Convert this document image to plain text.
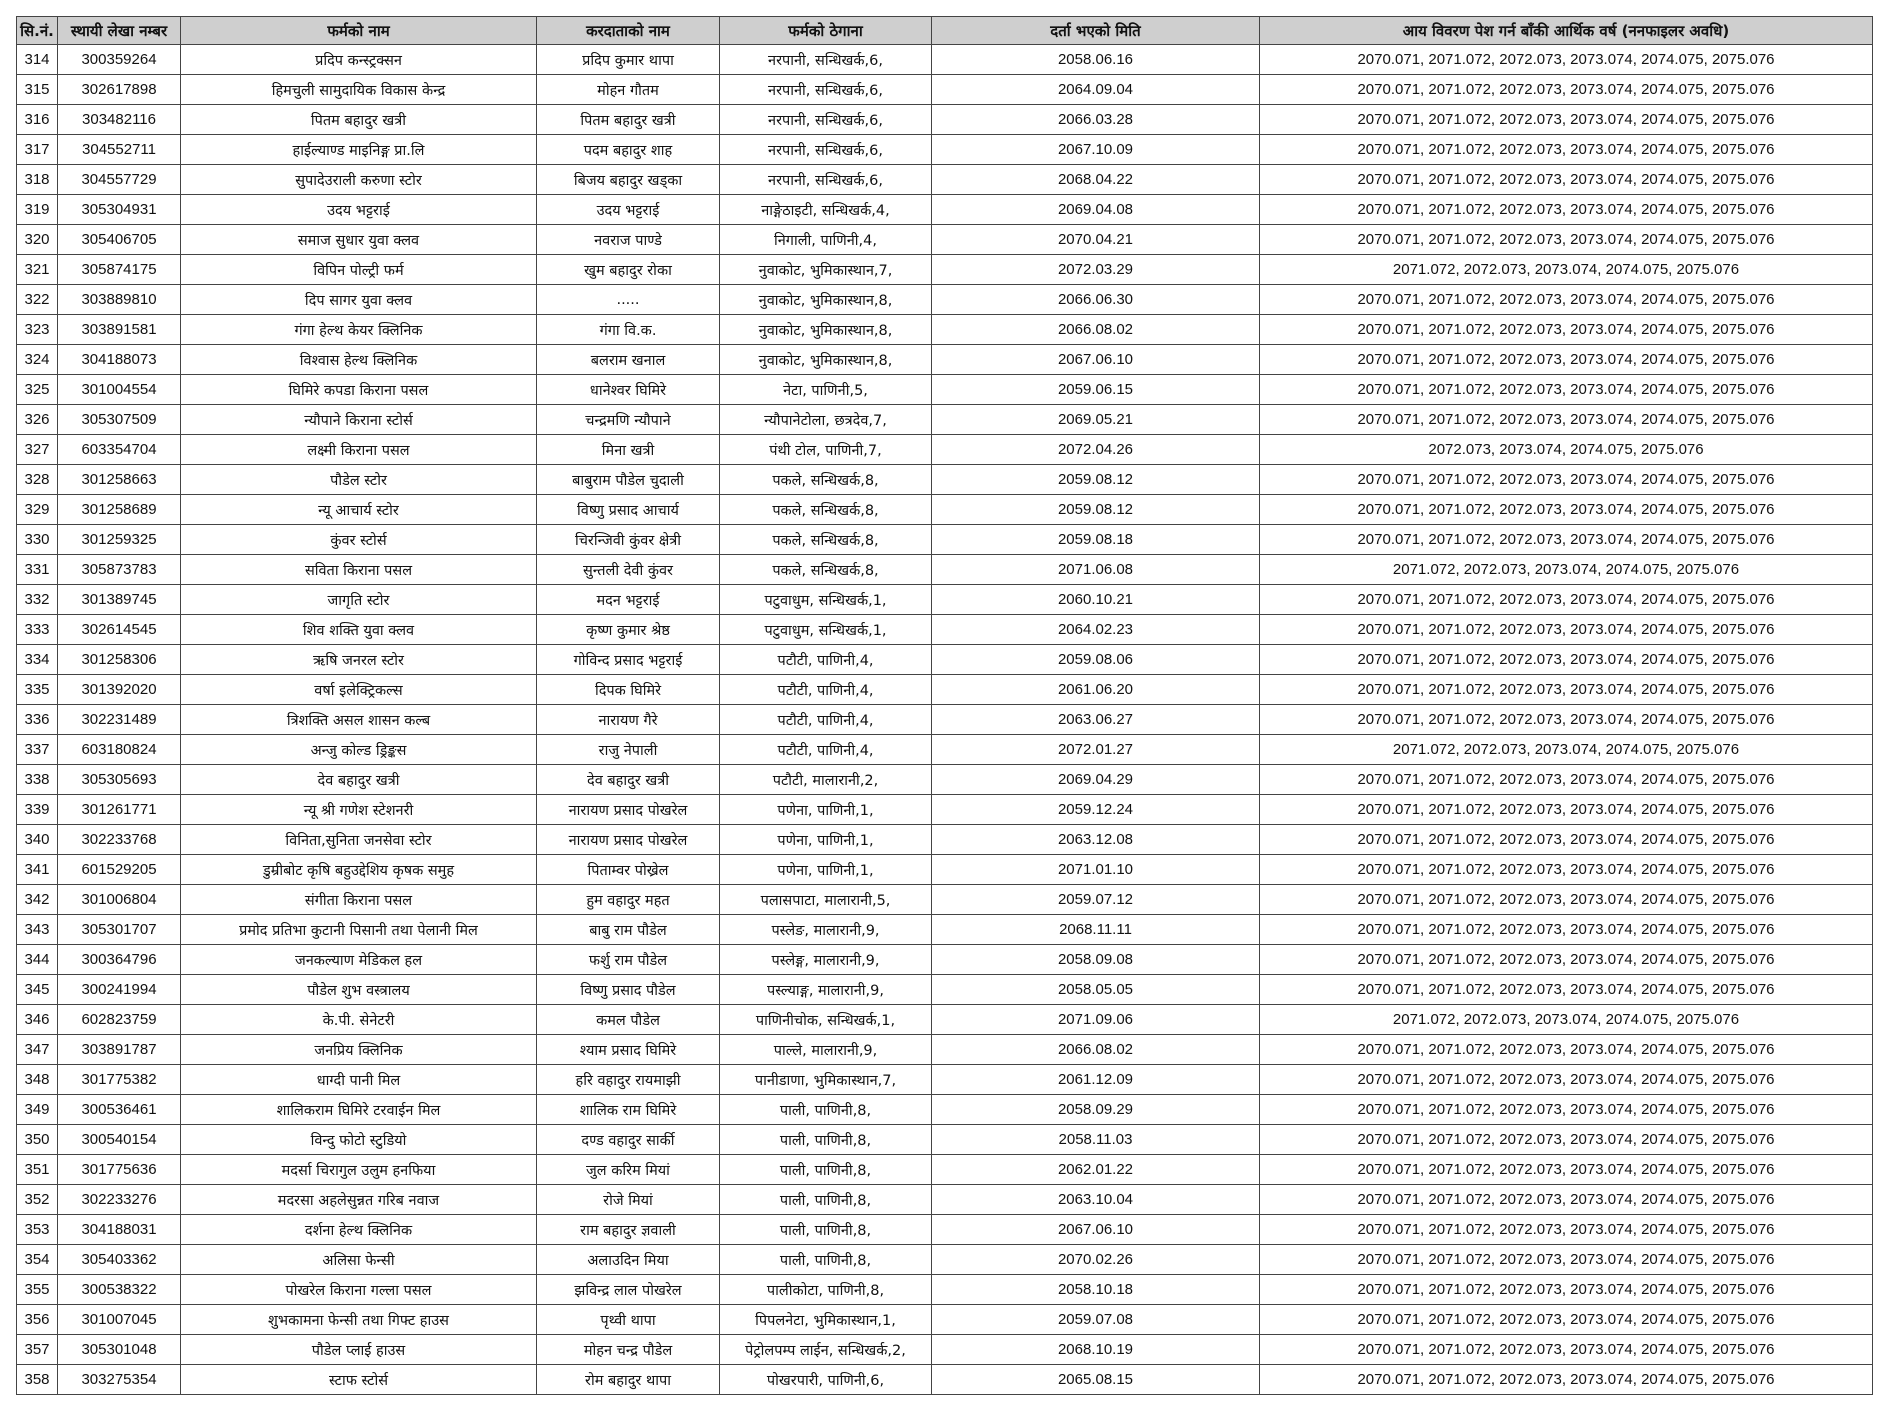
सि.नं.	स्थायी लेखा नम्बर	फर्मको नाम	करदाताको नाम	फर्मको ठेगाना	दर्ता भएको मिति	आय विवरण पेश गर्न बाँकी आर्थिक वर्ष (ननफाइलर अवधि)
314	300359264	प्रदिप कन्स्ट्रक्सन	प्रदिप कुमार थापा	नरपानी, सन्धिखर्क,6,	2058.06.16	2070.071, 2071.072, 2072.073, 2073.074, 2074.075, 2075.076
315	302617898	हिमचुली सामुदायिक विकास केन्द्र	मोहन गौतम	नरपानी, सन्धिखर्क,6,	2064.09.04	2070.071, 2071.072, 2072.073, 2073.074, 2074.075, 2075.076
316	303482116	पितम बहादुर खत्री	पितम बहादुर खत्री	नरपानी, सन्धिखर्क,6,	2066.03.28	2070.071, 2071.072, 2072.073, 2073.074, 2074.075, 2075.076
317	304552711	हाईल्याण्ड माइनिङ्ग प्रा.लि	पदम बहादुर शाह	नरपानी, सन्धिखर्क,6,	2067.10.09	2070.071, 2071.072, 2072.073, 2073.074, 2074.075, 2075.076
318	304557729	सुपादेउराली करुणा स्टोर	बिजय बहादुर खड्का	नरपानी, सन्धिखर्क,6,	2068.04.22	2070.071, 2071.072, 2072.073, 2073.074, 2074.075, 2075.076
319	305304931	उदय भट्टराई	उदय भट्टराई	नाङ्गेठाइटी, सन्धिखर्क,4,	2069.04.08	2070.071, 2071.072, 2072.073, 2073.074, 2074.075, 2075.076
320	305406705	समाज सुधार युवा क्लव	नवराज पाण्डे	निगाली, पाणिनी,4,	2070.04.21	2070.071, 2071.072, 2072.073, 2073.074, 2074.075, 2075.076
321	305874175	विपिन पोल्ट्री फर्म	खुम बहादुर रोका	नुवाकोट, भुमिकास्थान,7,	2072.03.29	2071.072, 2072.073, 2073.074, 2074.075, 2075.076
322	303889810	दिप सागर युवा क्लव	.....	नुवाकोट, भुमिकास्थान,8,	2066.06.30	2070.071, 2071.072, 2072.073, 2073.074, 2074.075, 2075.076
323	303891581	गंगा हेल्थ केयर क्लिनिक	गंगा वि.क.	नुवाकोट, भुमिकास्थान,8,	2066.08.02	2070.071, 2071.072, 2072.073, 2073.074, 2074.075, 2075.076
324	304188073	विश्वास हेल्थ क्लिनिक	बलराम खनाल	नुवाकोट, भुमिकास्थान,8,	2067.06.10	2070.071, 2071.072, 2072.073, 2073.074, 2074.075, 2075.076
325	301004554	घिमिरे कपडा किराना पसल	धानेश्वर घिमिरे	नेटा, पाणिनी,5,	2059.06.15	2070.071, 2071.072, 2072.073, 2073.074, 2074.075, 2075.076
326	305307509	न्यौपाने किराना स्टोर्स	चन्द्रमणि न्यौपाने	न्यौपानेटोला, छत्रदेव,7,	2069.05.21	2070.071, 2071.072, 2072.073, 2073.074, 2074.075, 2075.076
327	603354704	लक्ष्मी किराना पसल	मिना खत्री	पंथी टोल, पाणिनी,7,	2072.04.26	2072.073, 2073.074, 2074.075, 2075.076
328	301258663	पौडेल स्टोर	बाबुराम पौडेल चुदाली	पकले, सन्धिखर्क,8,	2059.08.12	2070.071, 2071.072, 2072.073, 2073.074, 2074.075, 2075.076
329	301258689	न्यू आचार्य स्टोर	विष्णु प्रसाद आचार्य	पकले, सन्धिखर्क,8,	2059.08.12	2070.071, 2071.072, 2072.073, 2073.074, 2074.075, 2075.076
330	301259325	कुंवर स्टोर्स	चिरन्जिवी कुंवर क्षेत्री	पकले, सन्धिखर्क,8,	2059.08.18	2070.071, 2071.072, 2072.073, 2073.074, 2074.075, 2075.076
331	305873783	सविता किराना पसल	सुन्तली देवी कुंवर	पकले, सन्धिखर्क,8,	2071.06.08	2071.072, 2072.073, 2073.074, 2074.075, 2075.076
332	301389745	जागृति स्टोर	मदन भट्टराई	पटुवाधुम, सन्धिखर्क,1,	2060.10.21	2070.071, 2071.072, 2072.073, 2073.074, 2074.075, 2075.076
333	302614545	शिव शक्ति युवा क्लव	कृष्ण कुमार श्रेष्ठ	पटुवाधुम, सन्धिखर्क,1,	2064.02.23	2070.071, 2071.072, 2072.073, 2073.074, 2074.075, 2075.076
334	301258306	ऋषि जनरल स्टोर	गोविन्द प्रसाद भट्टराई	पटौटी, पाणिनी,4,	2059.08.06	2070.071, 2071.072, 2072.073, 2073.074, 2074.075, 2075.076
335	301392020	वर्षा इलेक्ट्रिकल्स	दिपक घिमिरे	पटौटी, पाणिनी,4,	2061.06.20	2070.071, 2071.072, 2072.073, 2073.074, 2074.075, 2075.076
336	302231489	त्रिशक्ति असल शासन कल्ब	नारायण गैरे	पटौटी, पाणिनी,4,	2063.06.27	2070.071, 2071.072, 2072.073, 2073.074, 2074.075, 2075.076
337	603180824	अन्जु कोल्ड ड्रिङ्कस	राजु नेपाली	पटौटी, पाणिनी,4,	2072.01.27	2071.072, 2072.073, 2073.074, 2074.075, 2075.076
338	305305693	देव बहादुर खत्री	देव बहादुर खत्री	पटौटी, मालारानी,2,	2069.04.29	2070.071, 2071.072, 2072.073, 2073.074, 2074.075, 2075.076
339	301261771	न्यू श्री गणेश स्टेशनरी	नारायण प्रसाद पोखरेल	पणेना, पाणिनी,1,	2059.12.24	2070.071, 2071.072, 2072.073, 2073.074, 2074.075, 2075.076
340	302233768	विनिता,सुनिता जनसेवा स्टोर	नारायण प्रसाद पोखरेल	पणेना, पाणिनी,1,	2063.12.08	2070.071, 2071.072, 2072.073, 2073.074, 2074.075, 2075.076
341	601529205	डुम्रीबोट कृषि बहुउद्देशिय कृषक समुह	पिताम्वर पोख्रेल	पणेना, पाणिनी,1,	2071.01.10	2070.071, 2071.072, 2072.073, 2073.074, 2074.075, 2075.076
342	301006804	संगीता किराना पसल	हुम वहादुर महत	पलासपाटा, मालारानी,5,	2059.07.12	2070.071, 2071.072, 2072.073, 2073.074, 2074.075, 2075.076
343	305301707	प्रमोद प्रतिभा कुटानी पिसानी तथा पेलानी मिल	बाबु राम पौडेल	पस्लेङ, मालारानी,9,	2068.11.11	2070.071, 2071.072, 2072.073, 2073.074, 2074.075, 2075.076
344	300364796	जनकल्याण मेडिकल हल	फर्शु राम पौडेल	पस्लेङ्ग, मालारानी,9,	2058.09.08	2070.071, 2071.072, 2072.073, 2073.074, 2074.075, 2075.076
345	300241994	पौडेल शुभ वस्त्रालय	विष्णु प्रसाद पौडेल	पस्ल्याङ्ग, मालारानी,9,	2058.05.05	2070.071, 2071.072, 2072.073, 2073.074, 2074.075, 2075.076
346	602823759	के.पी. सेनेटरी	कमल पौडेल	पाणिनीचोक, सन्धिखर्क,1,	2071.09.06	2071.072, 2072.073, 2073.074, 2074.075, 2075.076
347	303891787	जनप्रिय क्लिनिक	श्याम प्रसाद घिमिरे	पाल्ले, मालारानी,9,	2066.08.02	2070.071, 2071.072, 2072.073, 2073.074, 2074.075, 2075.076
348	301775382	धाग्दी पानी मिल	हरि वहादुर रायमाझी	पानीडाणा, भुमिकास्थान,7,	2061.12.09	2070.071, 2071.072, 2072.073, 2073.074, 2074.075, 2075.076
349	300536461	शालिकराम घिमिरे टरवाईन मिल	शालिक राम घिमिरे	पाली, पाणिनी,8,	2058.09.29	2070.071, 2071.072, 2072.073, 2073.074, 2074.075, 2075.076
350	300540154	विन्दु फोटो स्टुडियो	दण्ड वहादुर सार्की	पाली, पाणिनी,8,	2058.11.03	2070.071, 2071.072, 2072.073, 2073.074, 2074.075, 2075.076
351	301775636	मदर्सा चिरागुल उलुम हनफिया	जुल करिम मियां	पाली, पाणिनी,8,	2062.01.22	2070.071, 2071.072, 2072.073, 2073.074, 2074.075, 2075.076
352	302233276	मदरसा अहलेसुन्नत गरिब नवाज	रोजे मियां	पाली, पाणिनी,8,	2063.10.04	2070.071, 2071.072, 2072.073, 2073.074, 2074.075, 2075.076
353	304188031	दर्शना हेल्थ क्लिनिक	राम बहादुर ज्ञवाली	पाली, पाणिनी,8,	2067.06.10	2070.071, 2071.072, 2072.073, 2073.074, 2074.075, 2075.076
354	305403362	अलिसा फेन्सी	अलाउदिन मिया	पाली, पाणिनी,8,	2070.02.26	2070.071, 2071.072, 2072.073, 2073.074, 2074.075, 2075.076
355	300538322	पोखरेल किराना गल्ला पसल	झविन्द्र लाल पोखरेल	पालीकोटा, पाणिनी,8,	2058.10.18	2070.071, 2071.072, 2072.073, 2073.074, 2074.075, 2075.076
356	301007045	शुभकामना फेन्सी तथा गिफ्ट हाउस	पृथ्वी थापा	पिपलनेटा, भुमिकास्थान,1,	2059.07.08	2070.071, 2071.072, 2072.073, 2073.074, 2074.075, 2075.076
357	305301048	पौडेल प्लाई हाउस	मोहन चन्द्र पौडेल	पेट्रोलपम्प लाईन, सन्धिखर्क,2,	2068.10.19	2070.071, 2071.072, 2072.073, 2073.074, 2074.075, 2075.076
358	303275354	स्टाफ स्टोर्स	रोम बहादुर थापा	पोखरपारी, पाणिनी,6,	2065.08.15	2070.071, 2071.072, 2072.073, 2073.074, 2074.075, 2075.076
